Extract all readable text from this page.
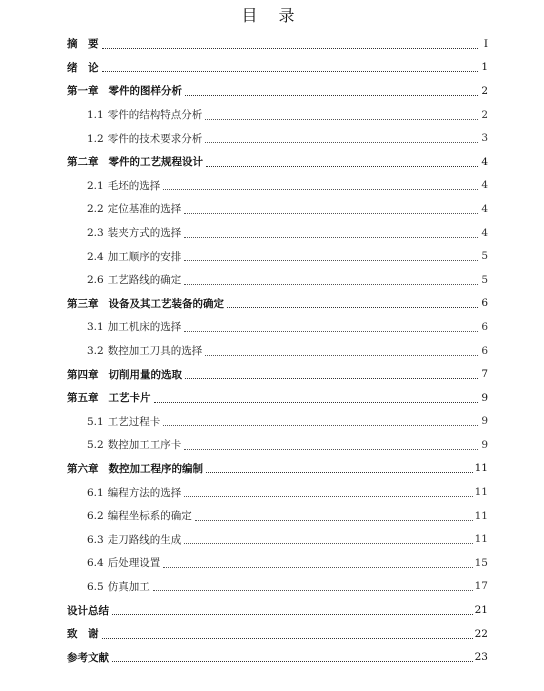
目 录
摘　要	I
绪　论	1
第一章 零件的图样分析	2
1.1 零件的结构特点分析	2
1.2 零件的技术要求分析	3
第二章 零件的工艺规程设计	4
2.1 毛坯的选择	4
2.2 定位基准的选择	4
2.3 装夹方式的选择	4
2.4 加工顺序的安排	5
2.6 工艺路线的确定	5
第三章 设备及其工艺装备的确定	6
3.1 加工机床的选择	6
3.2 数控加工刀具的选择	6
第四章 切削用量的选取	7
第五章 工艺卡片	9
5.1 工艺过程卡	9
5.2 数控加工工序卡	9
第六章 数控加工程序的编制	11
6.1 编程方法的选择	11
6.2 编程坐标系的确定	11
6.3 走刀路线的生成	11
6.4 后处理设置	15
6.5 仿真加工	17
设计总结	21
致　谢	22
参考文献	23
